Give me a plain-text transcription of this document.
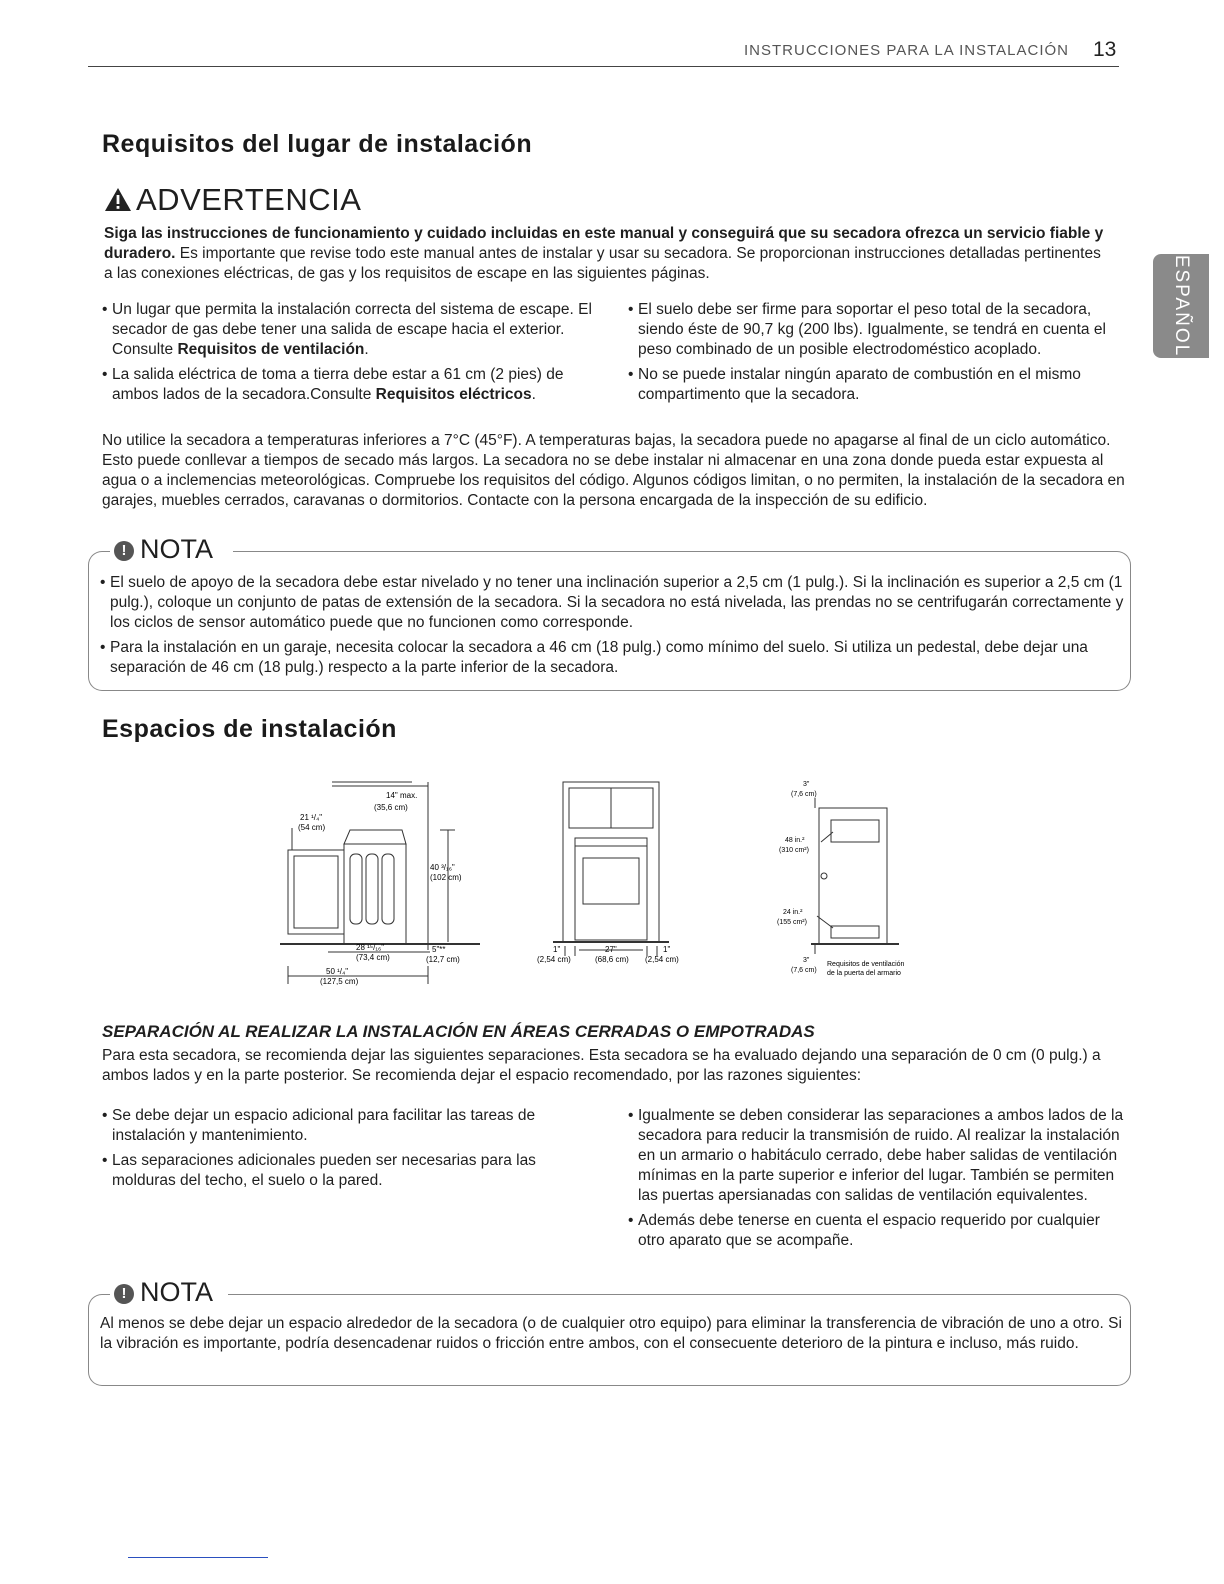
INSTRUCCIONES PARA LA INSTALACIÓN 13
ESPAÑOL
Requisitos del lugar de instalación
ADVERTENCIA
Siga las instrucciones de funcionamiento y cuidado incluidas en este manual y conseguirá que su secadora ofrezca un servicio fiable y duradero. Es importante que revise todo este manual antes de instalar y usar su secadora. Se proporcionan instrucciones detalladas pertinentes a las conexiones eléctricas, de gas y los requisitos de escape en las siguientes páginas.
• Un lugar que permita la instalación correcta del sistema de escape. El secador de gas debe tener una salida de escape hacia el exterior. Consulte Requisitos de ventilación.
• La salida eléctrica de toma a tierra debe estar a 61 cm (2 pies) de ambos lados de la secadora.Consulte Requisitos eléctricos.
• El suelo debe ser firme para soportar el peso total de la secadora, siendo éste de 90,7 kg (200 lbs). Igualmente, se tendrá en cuenta el peso combinado de un posible electrodoméstico acoplado.
• No se puede instalar ningún aparato de combustión en el mismo compartimento que la secadora.
No utilice la secadora a temperaturas inferiores a 7°C (45°F). A temperaturas bajas, la secadora puede no apagarse al final de un ciclo automático. Esto puede conllevar a tiempos de secado más largos. La secadora no se debe instalar ni almacenar en una zona donde pueda estar expuesta al agua o a inclemencias meteorológicas. Compruebe los requisitos del código. Algunos códigos limitan, o no permiten, la instalación de la secadora en garajes, muebles cerrados, caravanas o dormitorios. Contacte con la persona encargada de la inspección de su edificio.
! NOTA
• El suelo de apoyo de la secadora debe estar nivelado y no tener una inclinación superior a 2,5 cm (1 pulg.). Si la inclinación es superior a 2,5 cm (1 pulg.), coloque un conjunto de patas de extensión de la secadora. Si la secadora no está nivelada, las prendas no se centrifugarán correctamente y los ciclos de sensor automático puede que no funcionen como corresponde.
• Para la instalación en un garaje, necesita colocar la secadora a 46 cm (18 pulg.) como mínimo del suelo. Si utiliza un pedestal, debe dejar una separación de 46 cm (18 pulg.) respecto a la parte inferior de la secadora.
Espacios de instalación
14" max.
(35,6 cm)
21 ¹/₄"
(54 cm)
40 ³/₁₆"
(102 cm)
28 ¹⁵/₁₆"
(73,4 cm)
5"**
(12,7 cm)
50 ¹/₄"
(127,5 cm)
1"
(2,54 cm)
27"
(68,6 cm)
1"
(2,54 cm)
3"
(7,6 cm)
48 in.²
(310 cm²)
24 in.²
(155 cm²)
3"
(7,6 cm)
Requisitos de ventilación
de la puerta del armario
SEPARACIÓN AL REALIZAR LA INSTALACIÓN EN ÁREAS CERRADAS O EMPOTRADAS
Para esta secadora, se recomienda dejar las siguientes separaciones. Esta secadora se ha evaluado dejando una separación de 0 cm (0 pulg.) a ambos lados y en la parte posterior. Se recomienda dejar el espacio recomendado, por las razones siguientes:
• Se debe dejar un espacio adicional para facilitar las tareas de instalación y mantenimiento.
• Las separaciones adicionales pueden ser necesarias para las molduras del techo, el suelo o la pared.
• Igualmente se deben considerar las separaciones a ambos lados de la secadora para reducir la transmisión de ruido. Al realizar la instalación en un armario o habitáculo cerrado, debe haber salidas de ventilación mínimas en la parte superior e inferior del lugar. También se permiten las puertas apersianadas con salidas de ventilación equivalentes.
• Además debe tenerse en cuenta el espacio requerido por cualquier otro aparato que se acompañe.
! NOTA
Al menos se debe dejar un espacio alrededor de la secadora (o de cualquier otro equipo) para eliminar la transferencia de vibración de uno a otro. Si la vibración es importante, podría desencadenar ruidos o fricción entre ambos, con el consecuente deterioro de la pintura e incluso, más ruido.
